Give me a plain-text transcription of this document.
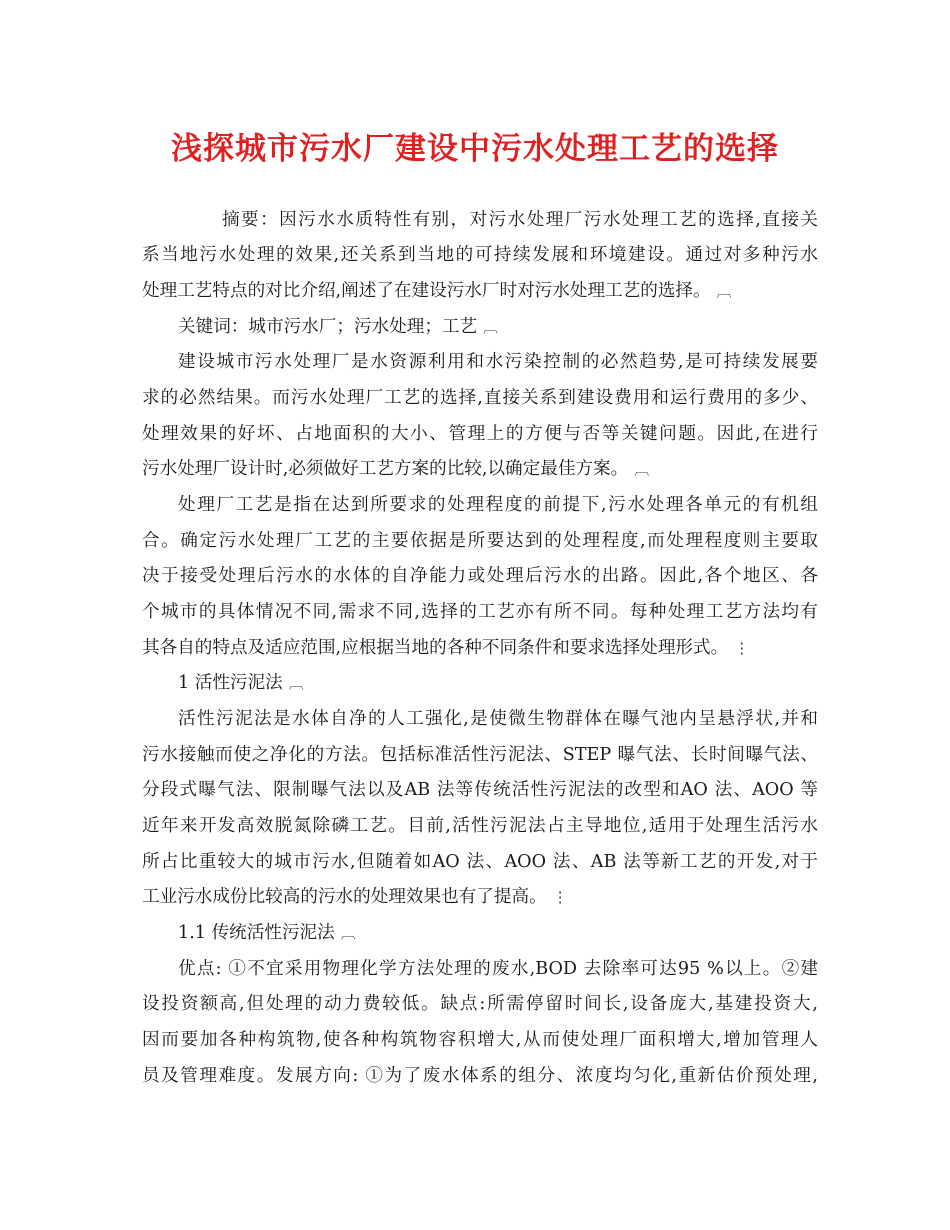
浅探城市污水厂建设中污水处理工艺的选择
摘要：因污水水质特性有别，对污水处理厂污水处理工艺的选择,直接关
系当地污水处理的效果,还关系到当地的可持续发展和环境建设。通过对多种污水
处理工艺特点的对比介绍,阐述了在建设污水厂时对污水处理工艺的选择。 ︹
关键词：城市污水厂；污水处理；工艺 ︹
建设城市污水处理厂是水资源利用和水污染控制的必然趋势,是可持续发展要
求的必然结果。而污水处理厂工艺的选择,直接关系到建设费用和运行费用的多少、
处理效果的好坏、占地面积的大小、管理上的方便与否等关键问题。因此,在进行
污水处理厂设计时,必须做好工艺方案的比较,以确定最佳方案。 ︹
处理厂工艺是指在达到所要求的处理程度的前提下,污水处理各单元的有机组
合。确定污水处理厂工艺的主要依据是所要达到的处理程度,而处理程度则主要取
决于接受处理后污水的水体的自净能力或处理后污水的出路。因此,各个地区、各
个城市的具体情况不同,需求不同,选择的工艺亦有所不同。每种处理工艺方法均有
其各自的特点及适应范围,应根据当地的各种不同条件和要求选择处理形式。 ⋮
1 活性污泥法 ︹
活性污泥法是水体自净的人工强化,是使微生物群体在曝气池内呈悬浮状,并和
污水接触而使之净化的方法。包括标准活性污泥法、STEP 曝气法、长时间曝气法、
分段式曝气法、限制曝气法以及AB 法等传统活性污泥法的改型和AO 法、AOO 等
近年来开发高效脱氮除磷工艺。目前,活性污泥法占主导地位,适用于处理生活污水
所占比重较大的城市污水,但随着如AO 法、AOO 法、AB 法等新工艺的开发,对于
工业污水成份比较高的污水的处理效果也有了提高。 ⋮
1.1 传统活性污泥法 ︹
优点: ①不宜采用物理化学方法处理的废水,BOD 去除率可达95 %以上。②建
设投资额高,但处理的动力费较低。缺点:所需停留时间长,设备庞大,基建投资大,
因而要加各种构筑物,使各种构筑物容积增大,从而使处理厂面积增大,增加管理人
员及管理难度。发展方向: ①为了废水体系的组分、浓度均匀化,重新估价预处理,
